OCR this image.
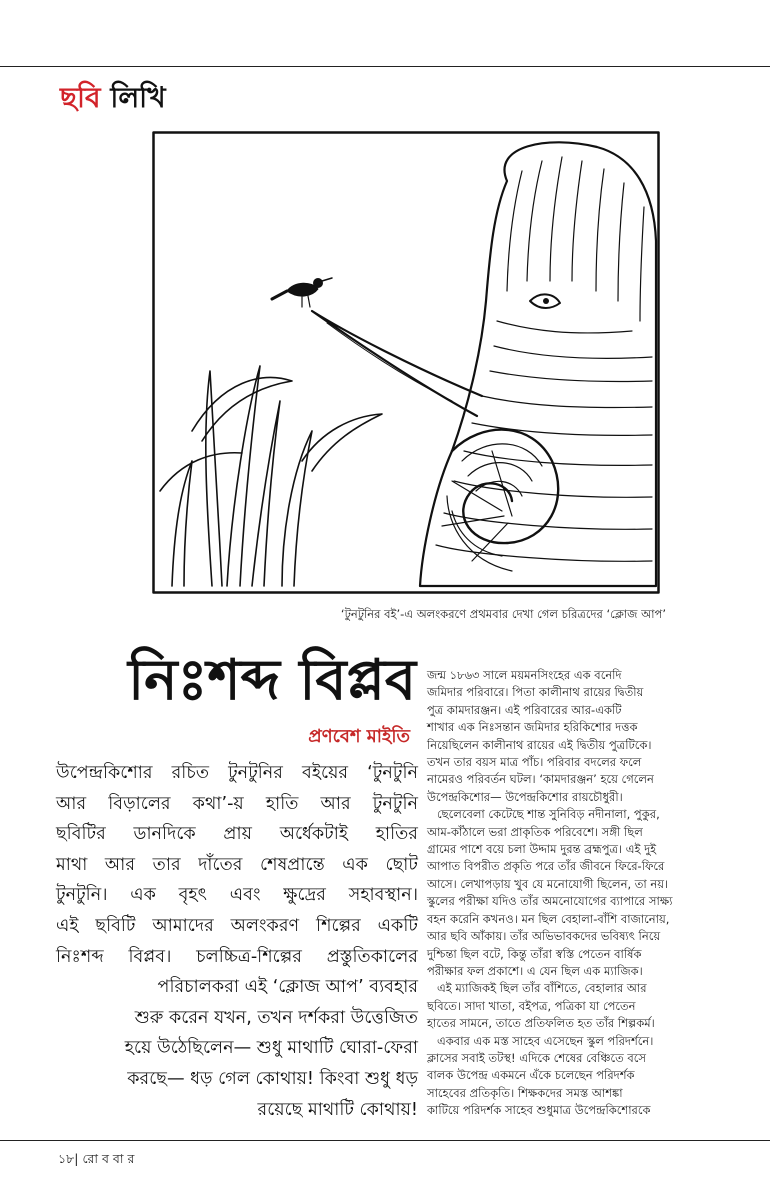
ছবি লিখি
‘টুনটুনির বই’-এ অলংকরণে প্রথমবার দেখা গেল চরিত্রদের ‘ক্লোজ আপ’
নিঃশব্দ বিপ্লব
প্রণবেশ মাইতি
উপেন্দ্রকিশোর রচিত টুনটুনির বইয়ের ‘টুনটুনি
আর বিড়ালের কথা’-য় হাতি আর টুনটুনি
ছবিটির ডানদিকে প্রায় অর্ধেকটাই হাতির
মাথা আর তার দাঁতের শেষপ্রান্তে এক ছোট
টুনটুনি। এক বৃহৎ এবং ক্ষুদ্রের সহাবস্থান।
এই ছবিটি আমাদের অলংকরণ শিল্পের একটি
নিঃশব্দ বিপ্লব। চলচ্চিত্র-শিল্পের প্রস্তুতিকালের
পরিচালকরা এই ‘ক্লোজ আপ’ ব্যবহার
শুরু করেন যখন, তখন দর্শকরা উত্তেজিত
হয়ে উঠেছিলেন— শুধু মাথাটি ঘোরা-ফেরা
করছে— ধড় গেল কোথায়! কিংবা শুধু ধড়
রয়েছে মাথাটি কোথায়!
জন্ম ১৮৬৩ সালে ময়মনসিংহের এক বনেদি
জমিদার পরিবারে। পিতা কালীনাথ রায়ের দ্বিতীয়
পুত্র কামদারঞ্জন। এই পরিবারের আর-একটি
শাখার এক নিঃসন্তান জমিদার হরিকিশোর দত্তক
নিয়েছিলেন কালীনাথ রায়ের এই দ্বিতীয় পুত্রটিকে।
তখন তার বয়স মাত্র পাঁচ। পরিবার বদলের ফলে
নামেরও পরিবর্তন ঘটল। ‘কামদারঞ্জন’ হয়ে গেলেন
উপেন্দ্রকিশোর— উপেন্দ্রকিশোর রায়চৌধুরী।
ছেলেবেলা কেটেছে শান্ত সুনিবিড় নদীনালা, পুকুর,
আম-কাঁঠালে ভরা প্রাকৃতিক পরিবেশে। সঙ্গী ছিল
গ্রামের পাশে বয়ে চলা উদ্দাম দুরন্ত ব্রহ্মপুত্র। এই দুই
আপাত বিপরীত প্রকৃতি পরে তাঁর জীবনে ফিরে-ফিরে
আসে। লেখাপড়ায় খুব যে মনোযোগী ছিলেন, তা নয়।
স্কুলের পরীক্ষা যদিও তাঁর অমনোযোগের ব্যাপারে সাক্ষ্য
বহন করেনি কখনও। মন ছিল বেহালা-বাঁশি বাজানোয়,
আর ছবি আঁকায়। তাঁর অভিভাবকদের ভবিষ্যৎ নিয়ে
দুশ্চিন্তা ছিল বটে, কিন্তু তাঁরা স্বস্তি পেতেন বার্ষিক
পরীক্ষার ফল প্রকাশে। এ যেন ছিল এক ম্যাজিক।
এই ম্যাজিকই ছিল তাঁর বাঁশিতে, বেহালার আর
ছবিতে। সাদা খাতা, বইপত্র, পত্রিকা যা পেতেন
হাতের সামনে, তাতে প্রতিফলিত হত তাঁর শিল্পকর্ম।
একবার এক মস্ত সাহেব এসেছেন স্কুল পরিদর্শনে।
ক্লাসের সবাই তটস্থ! এদিকে শেষের বেঞ্চিতে বসে
বালক উপেন্দ্র একমনে এঁকে চলেছেন পরিদর্শক
সাহেবের প্রতিকৃতি। শিক্ষকদের সমস্ত আশঙ্কা
কাটিয়ে পরিদর্শক সাহেব শুধুমাত্র উপেন্দ্রকিশোরকে
১৮| রো ব বা র
